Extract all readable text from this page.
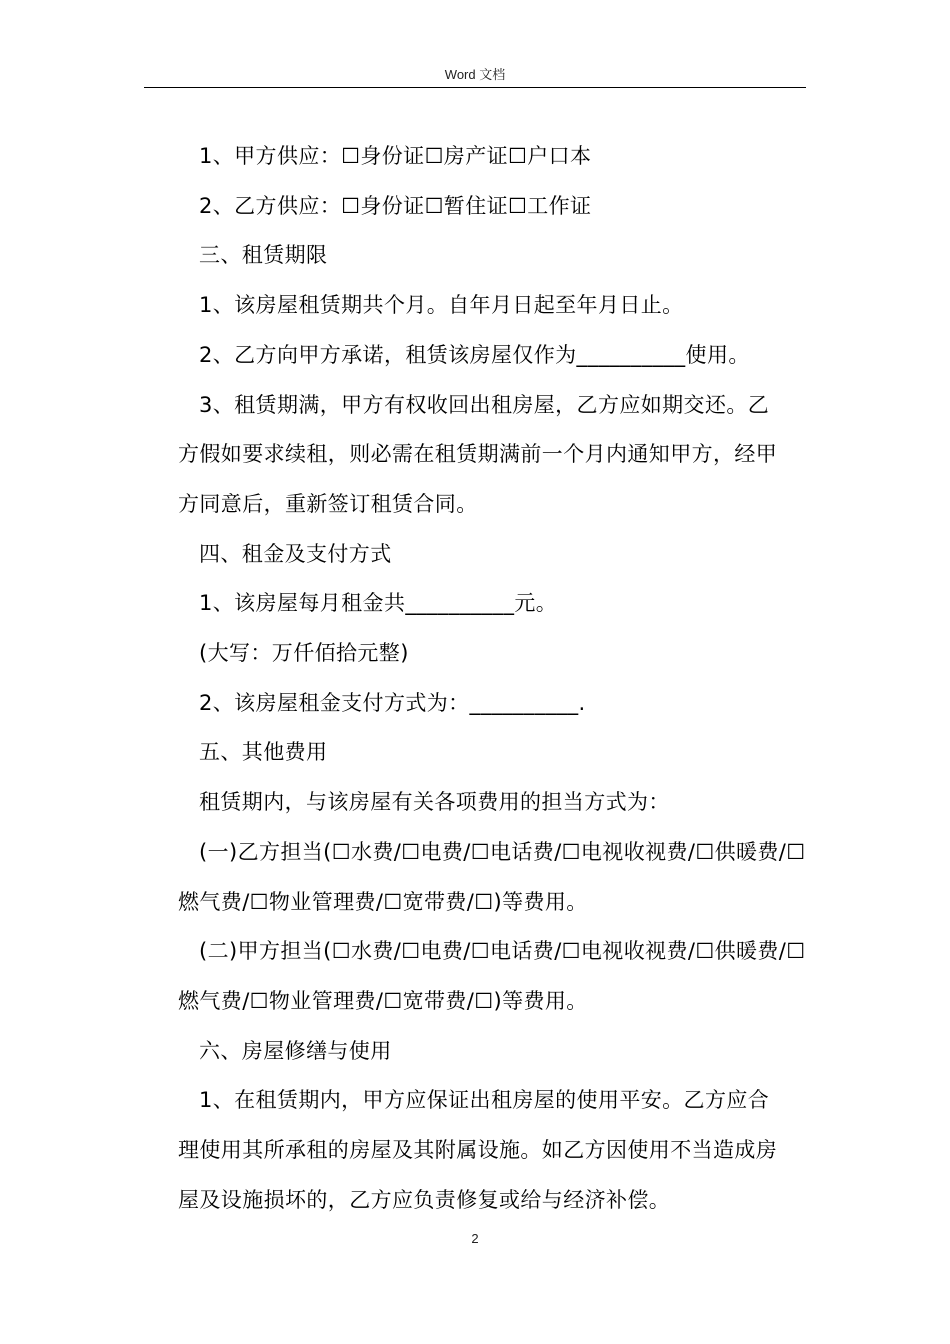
Word 文档

1、甲方供应：☐身份证☐房产证☐户口本

2、乙方供应：☐身份证☐暂住证☐工作证

三、租赁期限

1、该房屋租赁期共个月。自年月日起至年月日止。

2、乙方向甲方承诺，租赁该房屋仅作为__________使用。

3、租赁期满，甲方有权收回出租房屋，乙方应如期交还。乙

方假如要求续租，则必需在租赁期满前一个月内通知甲方，经甲

方同意后，重新签订租赁合同。

四、租金及支付方式

1、该房屋每月租金共__________元。

(大写：万仟佰拾元整)

2、该房屋租金支付方式为：__________.

五、其他费用

租赁期内，与该房屋有关各项费用的担当方式为：

(一)乙方担当(☐水费/☐电费/☐电话费/☐电视收视费/☐供暖费/☐

燃气费/☐物业管理费/☐宽带费/☐)等费用。

(二)甲方担当(☐水费/☐电费/☐电话费/☐电视收视费/☐供暖费/☐

燃气费/☐物业管理费/☐宽带费/☐)等费用。

六、房屋修缮与使用

1、在租赁期内，甲方应保证出租房屋的使用平安。乙方应合

理使用其所承租的房屋及其附属设施。如乙方因使用不当造成房

屋及设施损坏的，乙方应负责修复或给与经济补偿。

2
